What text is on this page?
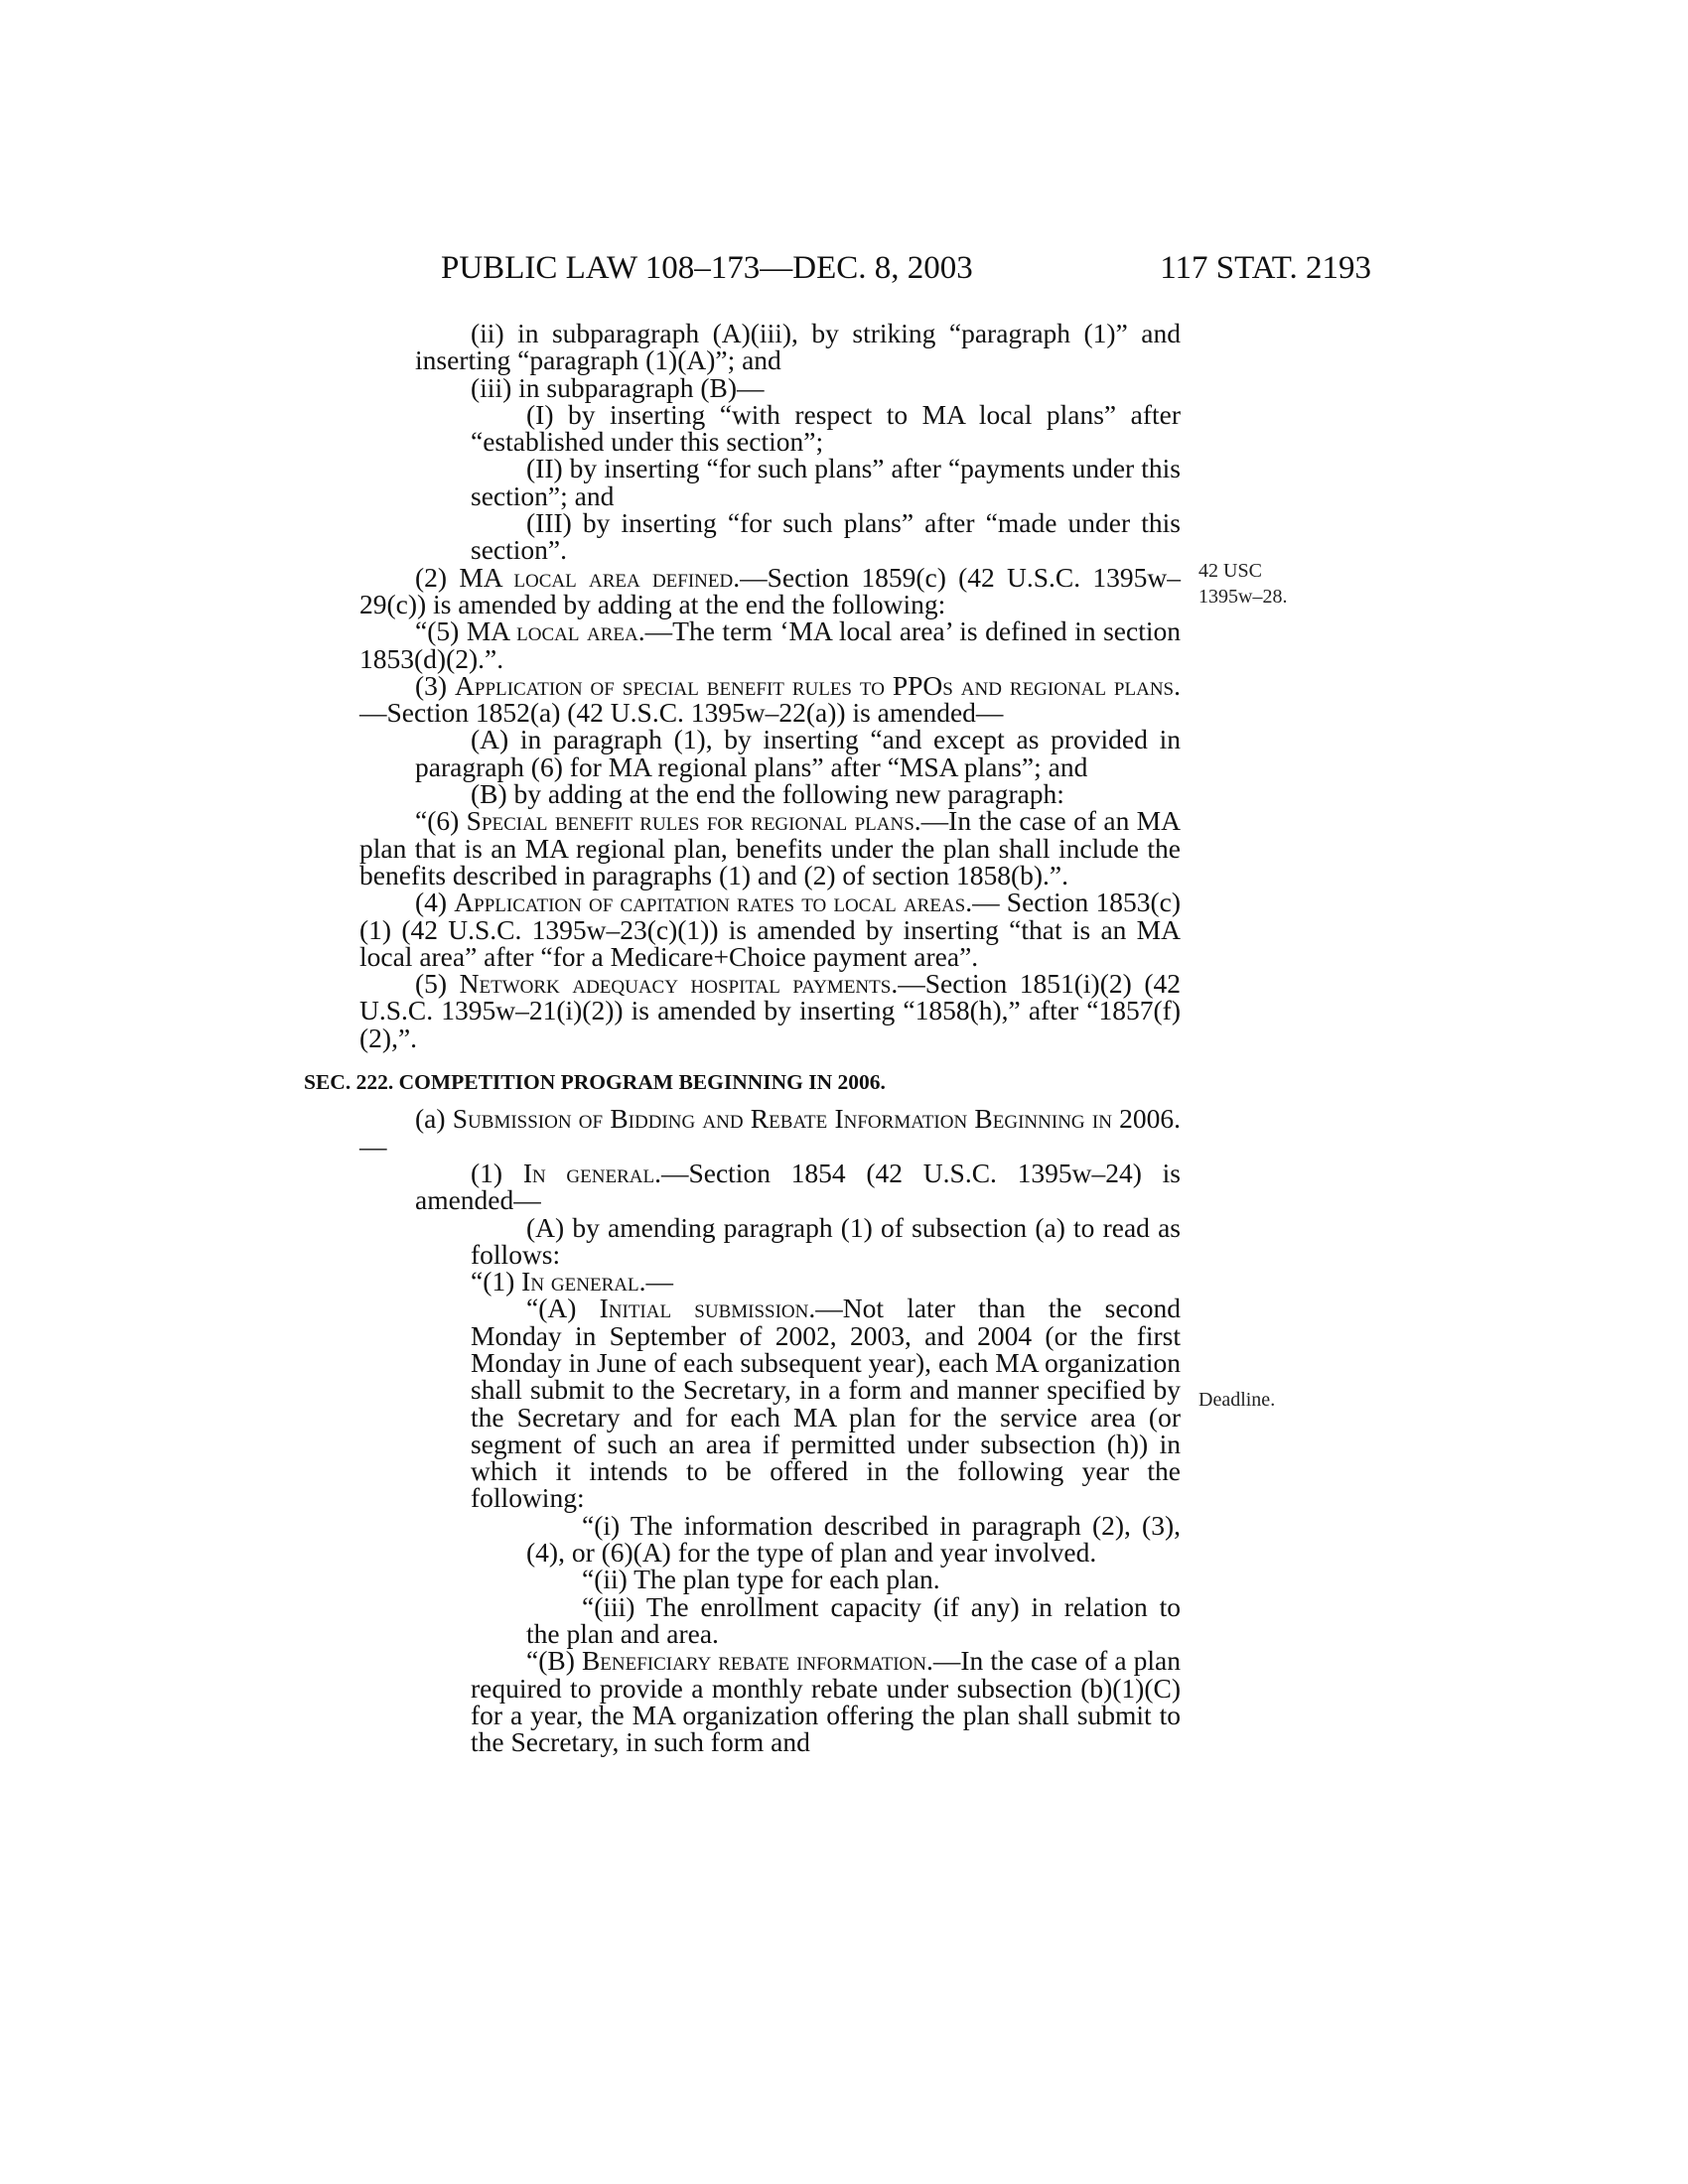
PUBLIC LAW 108–173—DEC. 8, 2003	117 STAT. 2193
42 USC
1395w–28.
Deadline.

(ii) in subparagraph (A)(iii), by striking “paragraph (1)” and inserting “paragraph (1)(A)”; and

(iii) in subparagraph (B)—

(I) by inserting “with respect to MA local plans” after “established under this section”;

(II) by inserting “for such plans” after “payments under this section”; and

(III) by inserting “for such plans” after “made under this section”.

(2) MA local area defined.—Section 1859(c) (42 U.S.C. 1395w–29(c)) is amended by adding at the end the following:

“(5) MA local area.—The term ‘MA local area’ is defined in section 1853(d)(2).”.

(3) Application of special benefit rules to PPOs and regional plans.—Section 1852(a) (42 U.S.C. 1395w–22(a)) is amended—

(A) in paragraph (1), by inserting “and except as provided in paragraph (6) for MA regional plans” after “MSA plans”; and

(B) by adding at the end the following new paragraph:

“(6) Special benefit rules for regional plans.—In the case of an MA plan that is an MA regional plan, benefits under the plan shall include the benefits described in paragraphs (1) and (2) of section 1858(b).”.

(4) Application of capitation rates to local areas.— Section 1853(c)(1) (42 U.S.C. 1395w–23(c)(1)) is amended by inserting “that is an MA local area” after “for a Medicare+Choice payment area”.

(5) Network adequacy hospital payments.—Section 1851(i)(2) (42 U.S.C. 1395w–21(i)(2)) is amended by inserting “1858(h),” after “1857(f)(2),”.

SEC. 222. COMPETITION PROGRAM BEGINNING IN 2006.

(a) Submission of Bidding and Rebate Information Beginning in 2006.—

(1) In general.—Section 1854 (42 U.S.C. 1395w–24) is amended—

(A) by amending paragraph (1) of subsection (a) to read as follows:

“(1) In general.—

“(A) Initial submission.—Not later than the second Monday in September of 2002, 2003, and 2004 (or the first Monday in June of each subsequent year), each MA organization shall submit to the Secretary, in a form and manner specified by the Secretary and for each MA plan for the service area (or segment of such an area if permitted under subsection (h)) in which it intends to be offered in the following year the following:

“(i) The information described in paragraph (2), (3), (4), or (6)(A) for the type of plan and year involved.

“(ii) The plan type for each plan.

“(iii) The enrollment capacity (if any) in relation to the plan and area.

“(B) Beneficiary rebate information.—In the case of a plan required to provide a monthly rebate under subsection (b)(1)(C) for a year, the MA organization offering the plan shall submit to the Secretary, in such form and
